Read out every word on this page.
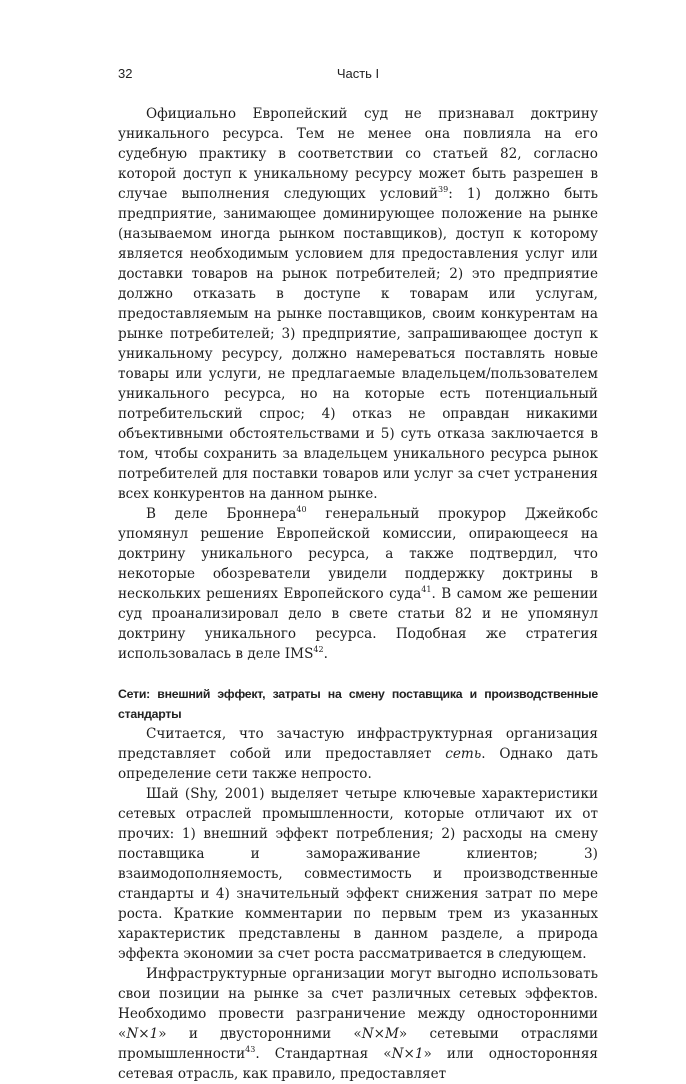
32	Часть I

Официально Европейский суд не признавал доктрину уникального ресурса. Тем не менее она повлияла на его судебную практику в соответствии со статьей 82, согласно которой доступ к уникальному ресурсу может быть разрешен в случае выполнения следующих условий$^{39}$: 1) должно быть предприятие, занимающее доминирующее положение на рынке (называемом иногда рынком поставщиков), доступ к которому является необходимым условием для предоставления услуг или доставки товаров на рынок потребителей; 2) это предприятие должно отказать в доступе к товарам или услугам, предоставляемым на рынке поставщиков, своим конкурентам на рынке потребителей; 3) предприятие, запрашивающее доступ к уникальному ресурсу, должно намереваться поставлять новые товары или услуги, не предлагаемые владельцем/пользователем уникального ресурса, но на которые есть потенциальный потребительский спрос; 4) отказ не оправдан никакими объективными обстоятельствами и 5) суть отказа заключается в том, чтобы сохранить за владельцем уникального ресурса рынок потребителей для поставки товаров или услуг за счет устранения всех конкурентов на данном рынке.

В деле Броннера$^{40}$ генеральный прокурор Джейкобс упомянул решение Европейской комиссии, опирающееся на доктрину уникального ресурса, а также подтвердил, что некоторые обозреватели увидели поддержку доктрины в нескольких решениях Европейского суда$^{41}$. В самом же решении суд проанализировал дело в свете статьи 82 и не упомянул доктрину уникального ресурса. Подобная же стратегия использовалась в деле IMS$^{42}$.

Сети: внешний эффект, затраты на смену поставщика и производственные стандарты

Считается, что зачастую инфраструктурная организация представляет собой или предоставляет сеть. Однако дать определение сети также непросто.

Шай (Shy, 2001) выделяет четыре ключевые характеристики сетевых отраслей промышленности, которые отличают их от прочих: 1) внешний эффект потребления; 2) расходы на смену поставщика и замораживание клиентов; 3) взаимодополняемость, совместимость и производственные стандарты и 4) значительный эффект снижения затрат по мере роста. Краткие комментарии по первым трем из указанных характеристик представлены в данном разделе, а природа эффекта экономии за счет роста рассматривается в следующем.

Инфраструктурные организации могут выгодно использовать свои позиции на рынке за счет различных сетевых эффектов. Необходимо провести разграничение между односторонними «N×1» и двусторонними «N×M» сетевыми отраслями промышленности$^{43}$. Стандартная «N×1» или односторонняя сетевая отрасль, как правило, предоставляет
